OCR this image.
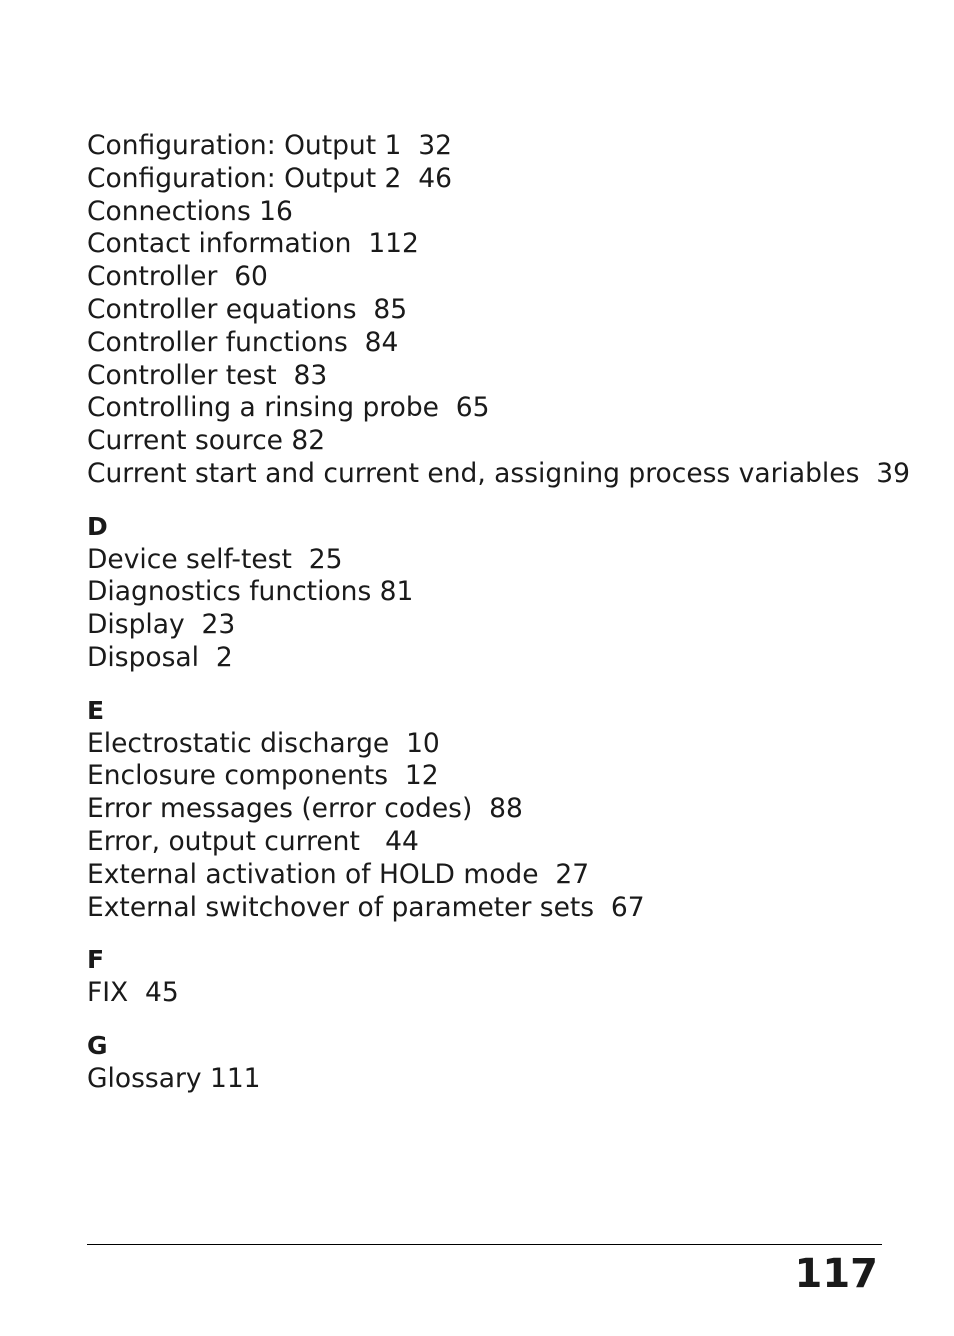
Configuration: Output 1  32

Configuration: Output 2  46

Connections 16

Contact information  112

Controller  60

Controller equations  85

Controller functions  84

Controller test  83

Controlling a rinsing probe  65

Current source 82

Current start and current end, assigning process variables  39

D

Device self-test  25

Diagnostics functions 81

Display  23

Disposal  2

E

Electrostatic discharge  10

Enclosure components  12

Error messages (error codes)  88

Error, output current   44

External activation of HOLD mode  27

External switchover of parameter sets  67

F

FIX  45

G

Glossary 111

117
